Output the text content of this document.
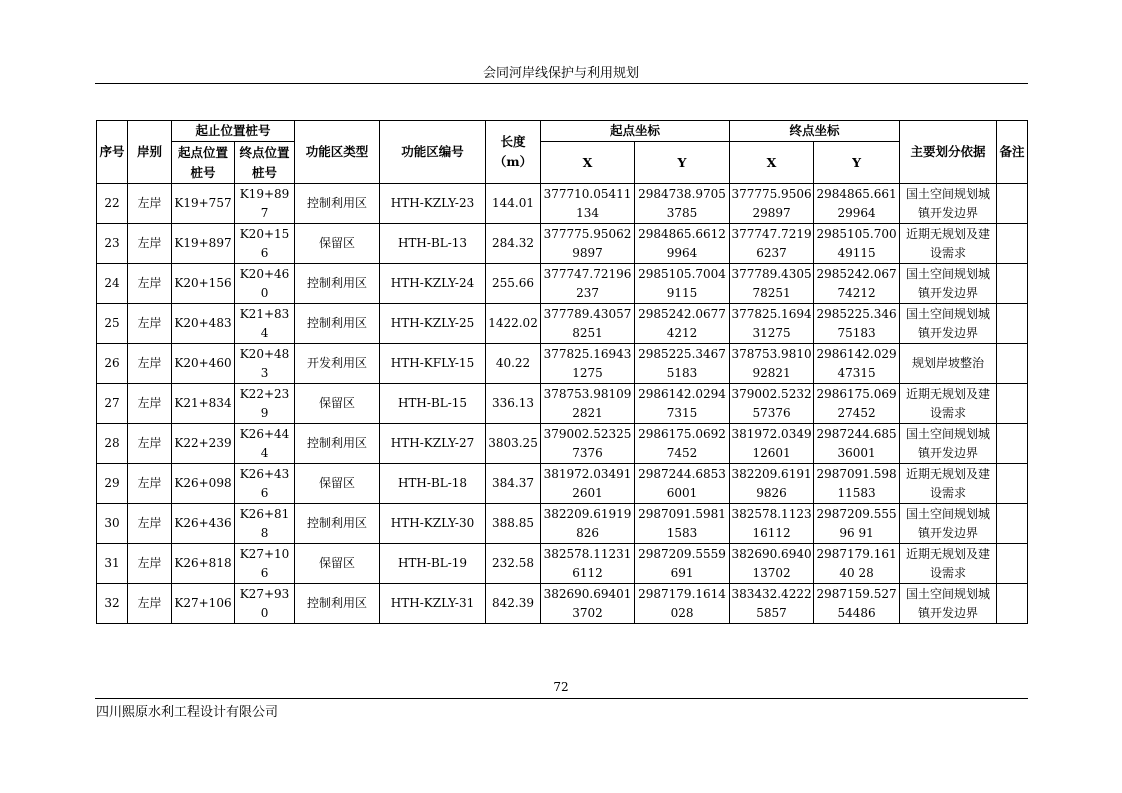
会同河岸线保护与利用规划
序号	岸别	起止位置桩号		功能区类型	功能区编号	长度（m）	起点坐标		终点坐标		主要划分依据	备注

		起点位置桩号	终点位置桩号				X	Y	X	Y		

22	左岸	K19+757	K19+897	控制利用区	HTH-KZLY-23	144.01	377710.05411134	2984738.97053785	377775.950629897	2984865.66129964	国土空间规划城镇开发边界	

23	左岸	K19+897	K20+156	保留区	HTH-BL-13	284.32	377775.950629897	2984865.66129964	377747.7219 6237	2985105.70049115	近期无规划及建设需求	

24	左岸	K20+156	K20+460	控制利用区	HTH-KZLY-24	255.66	377747.72196237	2985105.70049115	377789.430578251	2985242.06774212	国土空间规划城镇开发边界	

25	左岸	K20+483	K21+834	控制利用区	HTH-KZLY-25	1422.02	377789.430578251	2985242.06774212	377825.169431275	2985225.34675183	国土空间规划城镇开发边界	

26	左岸	K20+460	K20+483	开发利用区	HTH-KFLY-15	40.22	377825.169431275	2985225.34675183	378753.981092821	2986142.02947315	规划岸坡整治	

27	左岸	K21+834	K22+239	保留区	HTH-BL-15	336.13	378753.981092821	2986142.02947315	379002.523257376	2986175.06927452	近期无规划及建设需求	

28	左岸	K22+239	K26+444	控制利用区	HTH-KZLY-27	3803.25	379002.523257376	2986175.06927452	381972.034912601	2987244.68536001	国土空间规划城镇开发边界	

29	左岸	K26+098	K26+436	保留区	HTH-BL-18	384.37	381972.034912601	2987244.68536001	382209.6191 9826	2987091.59811583	近期无规划及建设需求	

30	左岸	K26+436	K26+818	控制利用区	HTH-KZLY-30	388.85	382209.61919826	2987091.59811583	382578.112316112	2987209.55596 91	国土空间规划城镇开发边界	

31	左岸	K26+818	K27+106	保留区	HTH-BL-19	232.58	382578.112316112	2987209.5559691	382690.694013702	2987179.16140 28	近期无规划及建设需求	

32	左岸	K27+106	K27+930	控制利用区	HTH-KZLY-31	842.39	382690.694013702	2987179.1614028	383432.4222 5857	2987159.52754486	国土空间规划城镇开发边界	

72
四川熙原水利工程设计有限公司
